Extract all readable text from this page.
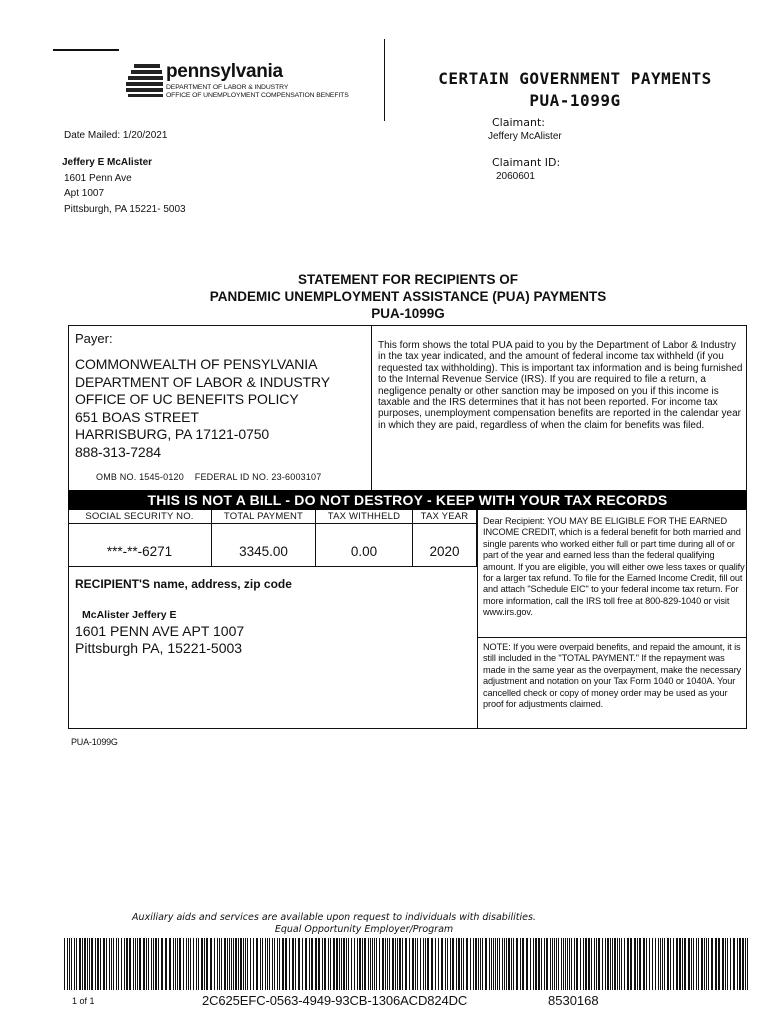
pennsylvania
DEPARTMENT OF LABOR & INDUSTRY
OFFICE OF UNEMPLOYMENT COMPENSATION BENEFITS
CERTAIN GOVERNMENT PAYMENTS
PUA-1099G
Date Mailed: 1/20/2021
Jeffery E McAlister
1601 Penn Ave
Apt 1007
Pittsburgh, PA 15221- 5003
Claimant:
Jeffery McAlister
Claimant ID:
2060601
STATEMENT FOR RECIPIENTS OF
PANDEMIC UNEMPLOYMENT ASSISTANCE (PUA) PAYMENTS
PUA-1099G
Payer:
COMMONWEALTH OF PENSYLVANIA
DEPARTMENT OF LABOR & INDUSTRY
OFFICE OF UC BENEFITS POLICY
651 BOAS STREET
HARRISBURG, PA 17121-0750
888-313-7284
OMB NO. 1545-0120    FEDERAL ID NO. 23-6003107
This form shows the total PUA paid to you by the Department of Labor & Industry in the tax year indicated, and the amount of federal income tax withheld (if you requested tax withholding). This is important tax information and is being furnished to the Internal Revenue Service (IRS). If you are required to file a return, a negligence penalty or other sanction may be imposed on you if this income is taxable and the IRS determines that it has not been reported. For income tax purposes, unemployment compensation benefits are reported in the calendar year in which they are paid, regardless of when the claim for benefits was filed.
THIS IS NOT A BILL - DO NOT DESTROY - KEEP WITH YOUR TAX RECORDS
SOCIAL SECURITY NO.	TOTAL PAYMENT	TAX WITHHELD	TAX YEAR
***-**-6271	3345.00	0.00	2020
Dear Recipient: YOU MAY BE ELIGIBLE FOR THE EARNED INCOME CREDIT, which is a federal benefit for both married and single parents who worked either full or part time during all of or part of the year and earned less than the federal qualifying amount. If you are eligible, you will either owe less taxes or qualify for a larger tax refund. To file for the Earned Income Credit, fill out and attach "Schedule EIC" to your federal income tax return. For more information, call the IRS toll free at 800-829-1040 or visit www.irs.gov.
NOTE: If you were overpaid benefits, and repaid the amount, it is still included in the "TOTAL PAYMENT." If the repayment was made in the same year as the overpayment, make the necessary adjustment and notation on your Tax Form 1040 or 1040A. Your cancelled check or copy of money order may be used as your proof for adjustments claimed.
RECIPIENT'S name, address, zip code
McAlister Jeffery E
1601 PENN AVE APT 1007
Pittsburgh PA, 15221-5003
PUA-1099G
Auxiliary aids and services are available upon request to individuals with disabilities.
Equal Opportunity Employer/Program
1 of 1	2C625EFC-0563-4949-93CB-1306ACD824DC	8530168
